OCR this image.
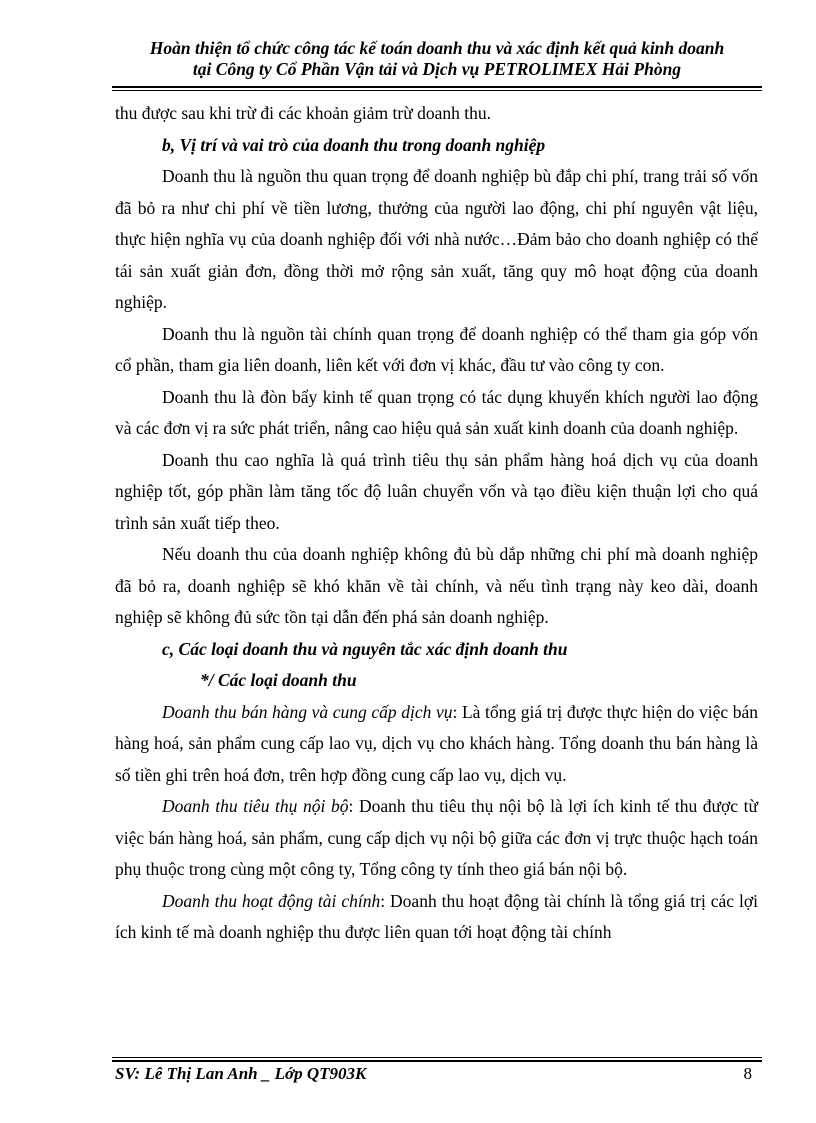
Hoàn thiện tổ chức công tác kế toán doanh thu và xác định kết quả kinh doanh
tại Công ty Cổ Phần Vận tải và Dịch vụ PETROLIMEX Hải Phòng

thu được sau khi trừ đi các khoản giảm trừ doanh thu.

b, Vị trí và vai trò của doanh thu trong doanh nghiệp

Doanh thu là nguồn thu quan trọng để doanh nghiệp bù đắp chi phí, trang trải số vốn đã bỏ ra như chi phí về tiền lương, thưởng của người lao động, chi phí nguyên vật liệu, thực hiện nghĩa vụ của doanh nghiệp đối với nhà nước…Đảm bảo cho doanh nghiệp có thể tái sản xuất giản đơn, đồng thời mở rộng sản xuất, tăng quy mô hoạt động của doanh nghiệp.

Doanh thu là nguồn tài chính quan trọng để doanh nghiệp có thể tham gia góp vốn cổ phần, tham gia liên doanh, liên kết với đơn vị khác, đầu tư vào công ty con.

Doanh thu là đòn bẩy kinh tế quan trọng có tác dụng khuyến khích người lao động và các đơn vị ra sức phát triển, nâng cao hiệu quả sản xuất kinh doanh của doanh nghiệp.

Doanh thu cao nghĩa là quá trình tiêu thụ sản phẩm hàng hoá dịch vụ của doanh nghiệp tốt, góp phần làm tăng tốc độ luân chuyển vốn và tạo điều kiện thuận lợi cho quá trình sản xuất tiếp theo.

Nếu doanh thu của doanh nghiệp không đủ bù dắp những chi phí mà doanh nghiệp đã bỏ ra, doanh nghiệp sẽ khó khăn về tài chính, và nếu tình trạng này keo dài, doanh nghiệp sẽ không đủ sức tồn tại dẫn đến phá sản doanh nghiệp.

c, Các loại doanh thu và nguyên tắc xác định doanh thu

*/ Các loại doanh thu

Doanh thu bán hàng và cung cấp dịch vụ: Là tổng giá trị được thực hiện do việc bán hàng hoá, sản phẩm cung cấp lao vụ, dịch vụ cho khách hàng. Tổng doanh thu bán hàng là số tiền ghi trên hoá đơn, trên hợp đồng cung cấp lao vụ, dịch vụ.

Doanh thu tiêu thụ nội bộ: Doanh thu tiêu thụ nội bộ là lợi ích kinh tế thu được từ việc bán hàng hoá, sản phẩm, cung cấp dịch vụ nội bộ giữa các đơn vị trực thuộc hạch toán phụ thuộc trong cùng một công ty, Tổng công ty tính theo giá bán nội bộ.

Doanh thu hoạt động tài chính: Doanh thu hoạt động tài chính là tổng giá trị các lợi ích kinh tế mà doanh nghiệp thu được liên quan tới hoạt động tài chính

SV: Lê Thị Lan Anh _ Lớp QT903K	8
